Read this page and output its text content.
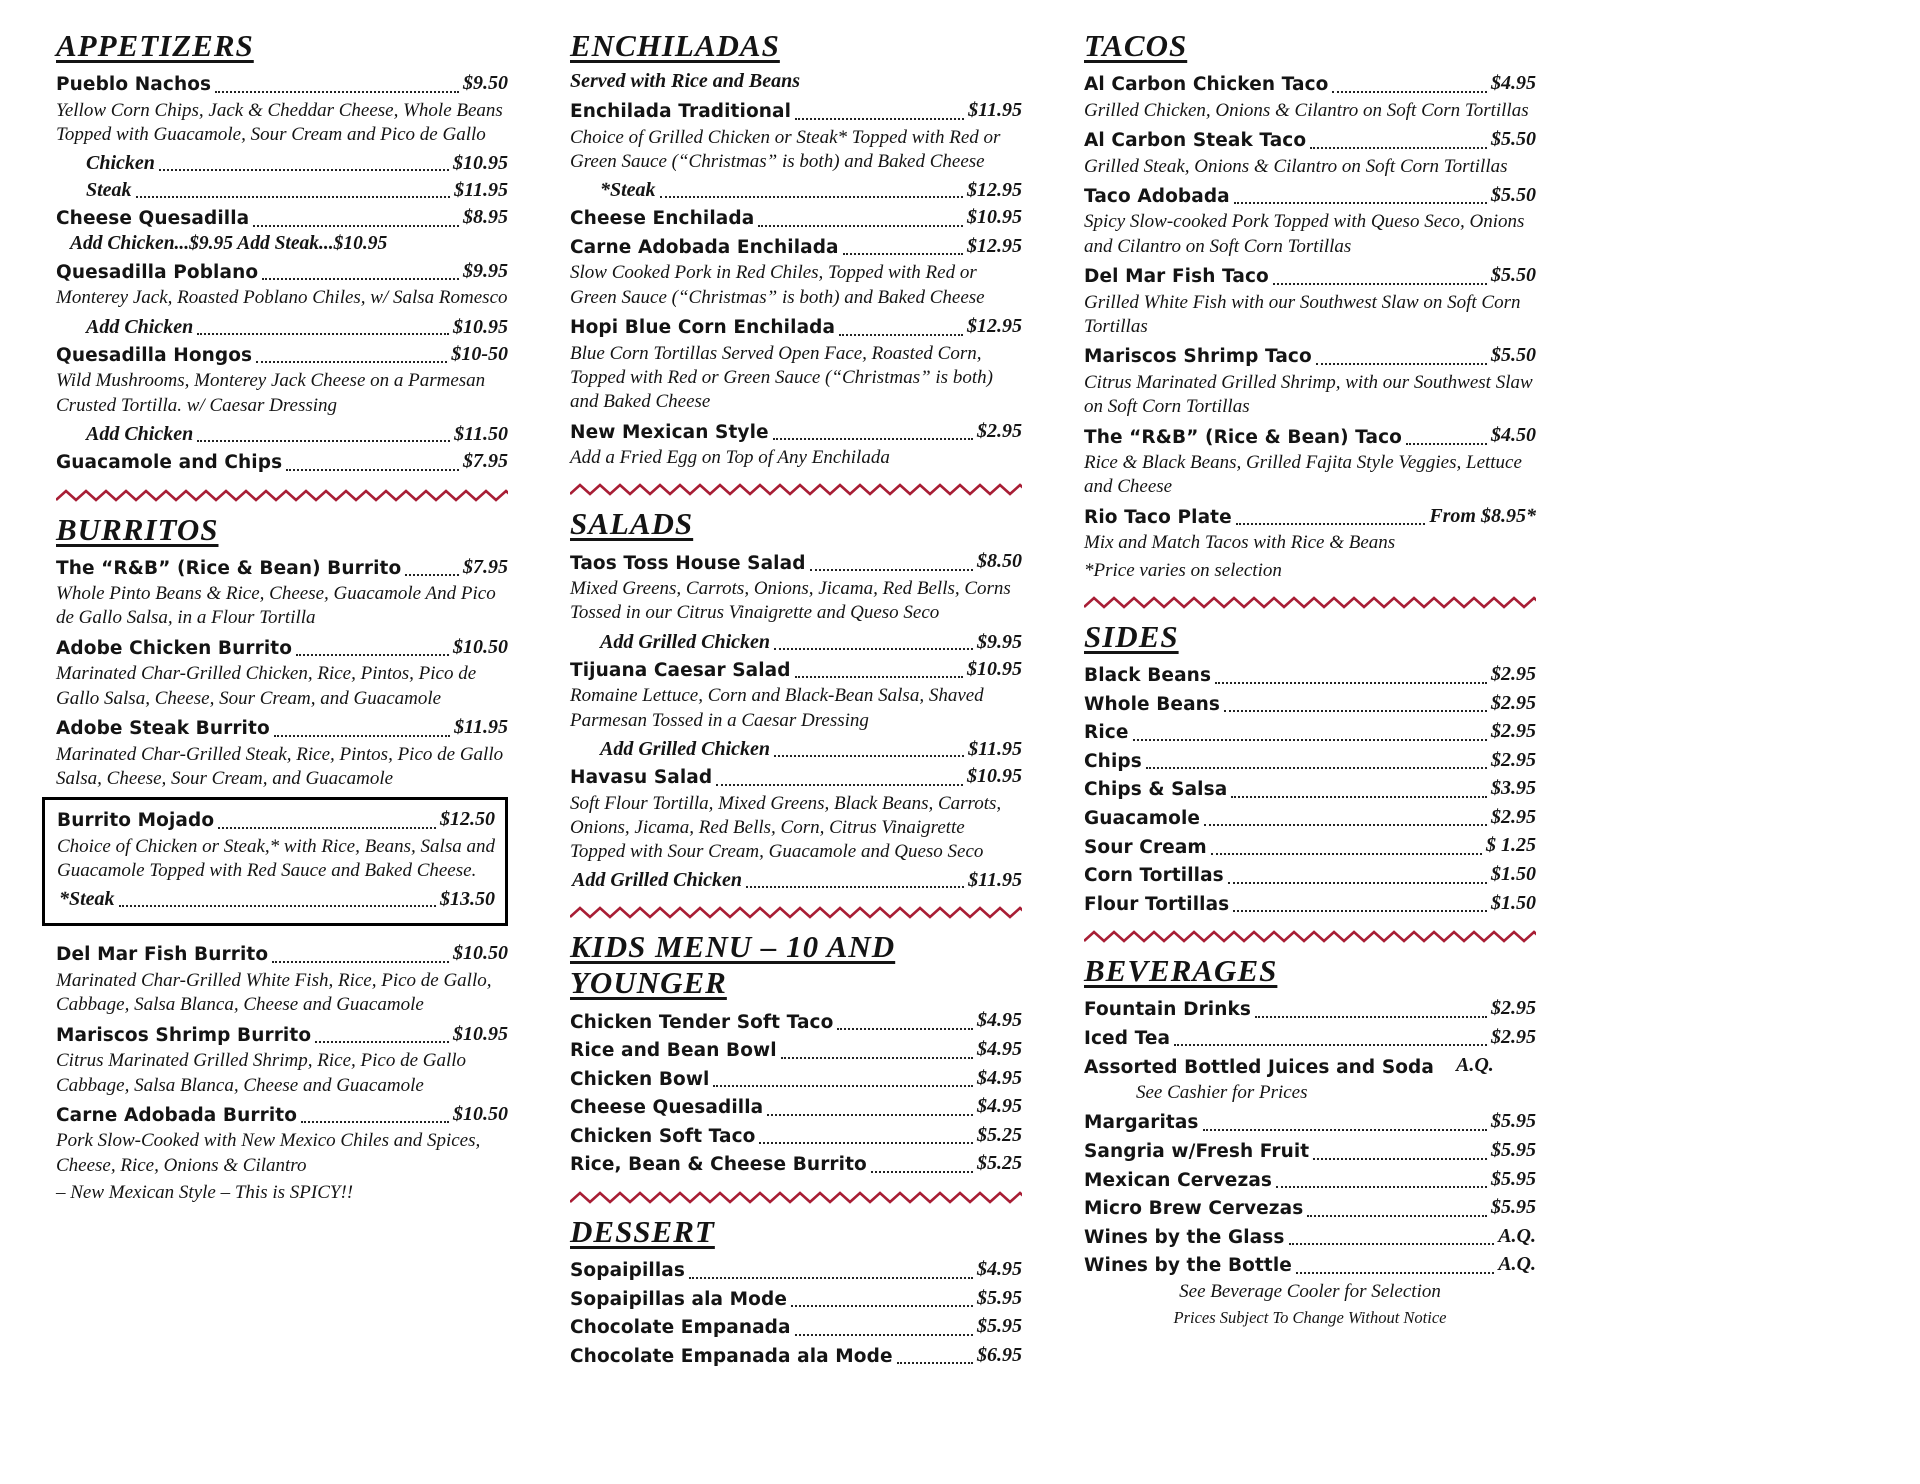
APPETIZERS
Pueblo Nachos	$9.50
Yellow Corn Chips, Jack & Cheddar Cheese, Whole Beans Topped with Guacamole, Sour Cream and Pico de Gallo
Chicken	$10.95
Steak	$11.95
Cheese Quesadilla	$8.95
Add Chicken...$9.95 Add Steak...$10.95
Quesadilla Poblano	$9.95
Monterey Jack, Roasted Poblano Chiles, w/ Salsa Romesco
Add Chicken	$10.95
Quesadilla Hongos	$10-50
Wild Mushrooms, Monterey Jack Cheese on a Parmesan Crusted Tortilla. w/ Caesar Dressing
Add Chicken	$11.50
Guacamole and Chips	$7.95
BURRITOS
The “R&B” (Rice & Bean) Burrito	$7.95
Whole Pinto Beans & Rice, Cheese, Guacamole And Pico de Gallo Salsa, in a Flour Tortilla
Adobe Chicken Burrito	$10.50
Marinated Char-Grilled Chicken, Rice, Pintos, Pico de Gallo Salsa, Cheese, Sour Cream, and Guacamole
Adobe Steak Burrito	$11.95
Marinated Char-Grilled Steak, Rice, Pintos, Pico de Gallo Salsa, Cheese, Sour Cream, and Guacamole
Burrito Mojado	$12.50
Choice of Chicken or Steak,* with Rice, Beans, Salsa and Guacamole Topped with Red Sauce and Baked Cheese.
*Steak	$13.50
Del Mar Fish Burrito	$10.50
Marinated Char-Grilled White Fish, Rice, Pico de Gallo, Cabbage, Salsa Blanca, Cheese and Guacamole
Mariscos Shrimp Burrito	$10.95
Citrus Marinated Grilled Shrimp, Rice, Pico de Gallo Cabbage, Salsa Blanca, Cheese and Guacamole
Carne Adobada Burrito	$10.50
Pork Slow-Cooked with New Mexico Chiles and Spices, Cheese, Rice, Onions & Cilantro
– New Mexican Style – This is SPICY!!
ENCHILADAS
Served with Rice and Beans
Enchilada Traditional	$11.95
Choice of Grilled Chicken or Steak* Topped with Red or Green Sauce (“Christmas” is both) and Baked Cheese
*Steak	$12.95
Cheese Enchilada	$10.95
Carne Adobada Enchilada	$12.95
Slow Cooked Pork in Red Chiles, Topped with Red or Green Sauce (“Christmas” is both) and Baked Cheese
Hopi Blue Corn Enchilada	$12.95
Blue Corn Tortillas Served Open Face, Roasted Corn, Topped with Red or Green Sauce (“Christmas” is both) and Baked Cheese
New Mexican Style	$2.95
Add a Fried Egg on Top of Any Enchilada
SALADS
Taos Toss House Salad	$8.50
Mixed Greens, Carrots, Onions, Jicama, Red Bells, Corns Tossed in our Citrus Vinaigrette and Queso Seco
Add Grilled Chicken	$9.95
Tijuana Caesar Salad	$10.95
Romaine Lettuce, Corn and Black-Bean Salsa, Shaved Parmesan Tossed in a Caesar Dressing
Add Grilled Chicken	$11.95
Havasu Salad	$10.95
Soft Flour Tortilla, Mixed Greens, Black Beans, Carrots, Onions, Jicama, Red Bells, Corn, Citrus Vinaigrette Topped with Sour Cream, Guacamole and Queso Seco
Add Grilled Chicken	$11.95
KIDS MENU – 10 AND YOUNGER
Chicken Tender Soft Taco	$4.95
Rice and Bean Bowl	$4.95
Chicken Bowl	$4.95
Cheese Quesadilla	$4.95
Chicken Soft Taco	$5.25
Rice, Bean & Cheese Burrito	$5.25
DESSERT
Sopaipillas	$4.95
Sopaipillas ala Mode	$5.95
Chocolate Empanada	$5.95
Chocolate Empanada ala Mode	$6.95
TACOS
Al Carbon Chicken Taco	$4.95
Grilled Chicken, Onions & Cilantro on Soft Corn Tortillas
Al Carbon Steak Taco	$5.50
Grilled Steak, Onions & Cilantro on Soft Corn Tortillas
Taco Adobada	$5.50
Spicy Slow-cooked Pork Topped with Queso Seco, Onions and Cilantro on Soft Corn Tortillas
Del Mar Fish Taco	$5.50
Grilled White Fish with our Southwest Slaw on Soft Corn Tortillas
Mariscos Shrimp Taco	$5.50
Citrus Marinated Grilled Shrimp, with our Southwest Slaw on Soft Corn Tortillas
The “R&B” (Rice & Bean) Taco	$4.50
Rice & Black Beans, Grilled Fajita Style Veggies, Lettuce and Cheese
Rio Taco Plate	From $8.95*
Mix and Match Tacos with Rice & Beans
*Price varies on selection
SIDES
Black Beans	$2.95
Whole Beans	$2.95
Rice	$2.95
Chips	$2.95
Chips & Salsa	$3.95
Guacamole	$2.95
Sour Cream	$ 1.25
Corn Tortillas	$1.50
Flour Tortillas	$1.50
BEVERAGES
Fountain Drinks	$2.95
Iced Tea	$2.95
Assorted Bottled Juices and Soda A.Q.
See Cashier for Prices
Margaritas	$5.95
Sangria w/Fresh Fruit	$5.95
Mexican Cervezas	$5.95
Micro Brew Cervezas	$5.95
Wines by the Glass	A.Q.
Wines by the Bottle	A.Q.
See Beverage Cooler for Selection
Prices Subject To Change Without Notice
